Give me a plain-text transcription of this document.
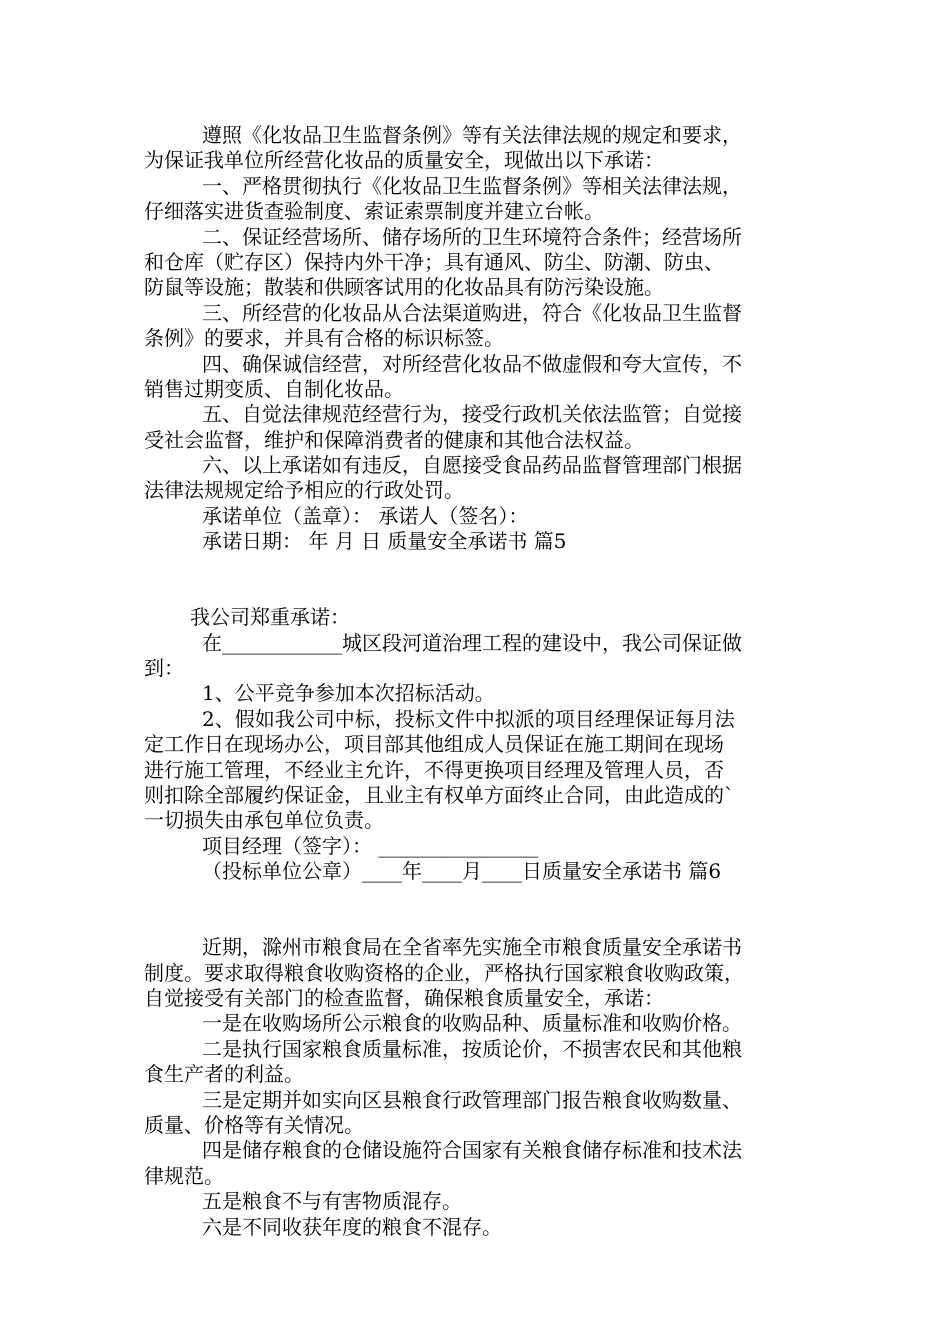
遵照《化妆品卫生监督条例》等有关法律法规的规定和要求，
为保证我单位所经营化妆品的质量安全，现做出以下承诺：
一、严格贯彻执行《化妆品卫生监督条例》等相关法律法规，
仔细落实进货查验制度、索证索票制度并建立台帐。
二、保证经营场所、储存场所的卫生环境符合条件；经营场所
和仓库（贮存区）保持内外干净；具有通风、防尘、防潮、防虫、
防鼠等设施；散装和供顾客试用的化妆品具有防污染设施。
三、所经营的化妆品从合法渠道购进，符合《化妆品卫生监督
条例》的要求，并具有合格的标识标签。
四、确保诚信经营，对所经营化妆品不做虚假和夸大宣传，不
销售过期变质、自制化妆品。
五、自觉法律规范经营行为，接受行政机关依法监管；自觉接
受社会监督，维护和保障消费者的健康和其他合法权益。
六、以上承诺如有违反，自愿接受食品药品监督管理部门根据
法律法规规定给予相应的行政处罚。
承诺单位（盖章）： 承诺人（签名）：
承诺日期： 年 月 日 质量安全承诺书 篇5
我公司郑重承诺：
在____________城区段河道治理工程的建设中，我公司保证做
到：
1、公平竞争参加本次招标活动。
2、假如我公司中标，投标文件中拟派的项目经理保证每月法
定工作日在现场办公，项目部其他组成人员保证在施工期间在现场
进行施工管理，不经业主允许，不得更换项目经理及管理人员，否
则扣除全部履约保证金，且业主有权单方面终止合同，由此造成的`
一切损失由承包单位负责。
项目经理（签字）： ________________
（投标单位公章）____年____月____日质量安全承诺书 篇6
近期，滁州市粮食局在全省率先实施全市粮食质量安全承诺书
制度。要求取得粮食收购资格的企业，严格执行国家粮食收购政策，
自觉接受有关部门的检查监督，确保粮食质量安全，承诺：
一是在收购场所公示粮食的收购品种、质量标准和收购价格。
二是执行国家粮食质量标准，按质论价，不损害农民和其他粮
食生产者的利益。
三是定期并如实向区县粮食行政管理部门报告粮食收购数量、
质量、价格等有关情况。
四是储存粮食的仓储设施符合国家有关粮食储存标准和技术法
律规范。
五是粮食不与有害物质混存。
六是不同收获年度的粮食不混存。
